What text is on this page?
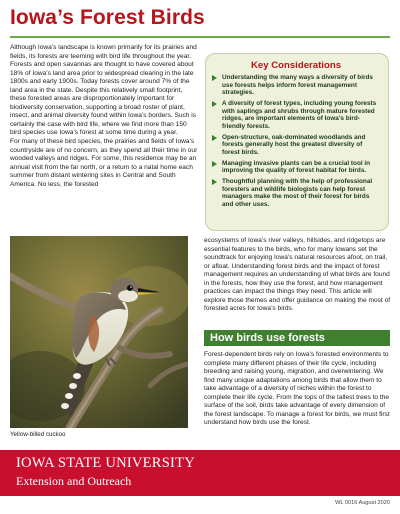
Iowa’s Forest Birds
Although Iowa’s landscape is known primarily for its prairies and fields, its forests are teeming with bird life throughout the year. Forests and open savannas are thought to have covered about 18% of Iowa’s land area prior to widespread clearing in the late 1800s and early 1900s. Today forests cover around 7% of the land area in the state. Despite this relatively small footprint, these forested areas are disproportionately important for biodiversity conservation, supporting a broad roster of plant, insect, and animal diversity found within Iowa’s borders. Such is certainly the case with bird life, where we find more than 150 bird species use Iowa’s forest at some time during a year.
For many of these bird species, the prairies and fields of Iowa’s countryside are of no concern, as they spend all their time in our wooded valleys and ridges. For some, this residence may be an annual visit from the far north, or a return to a natal home each summer from distant wintering sites in Central and South America. No less, the forested
Key Considerations
Understanding the many ways a diversity of birds use forests helps inform forest management strategies.
A diversity of forest types, including young forests with saplings and shrubs through mature forested ridges, are important elements of Iowa’s bird-friendly forests.
Open-structure, oak-dominated woodlands and forests generally host the greatest diversity of forest birds.
Managing invasive plants can be a crucial tool in improving the quality of forest habitat for birds.
Thoughtful planning with the help of professional foresters and wildlife biologists can help forest managers make the most of their forest for birds and other uses.
Yellow-billed cuckoo
ecosystems of Iowa’s river valleys, hillsides, and ridgetops are essential features to the birds, who for many Iowans set the soundtrack for enjoying Iowa’s natural resources afoot, on trail, or afloat. Understanding forest birds and the impact of forest management requires an understanding of what birds are found in the forests, how they use the forest, and how management practices can impact the things they need. This article will explore those themes and offer guidance on making the most of forested acres for Iowa’s birds.
How birds use forests
Forest-dependent birds rely on Iowa’s forested environments to complete many different phases of their life cycle, including breeding and raising young, migration, and overwintering. We find many unique adaptations among birds that allow them to take advantage of a diversity of niches within the forest to complete their life cycle. From the tops of the tallest trees to the surface of the soil, birds take advantage of every dimension of the forest landscape. To manage a forest for birds, we must first understand how birds use the forest.
IOWA STATE UNIVERSITY
Extension and Outreach
WL 0016 August 2020
